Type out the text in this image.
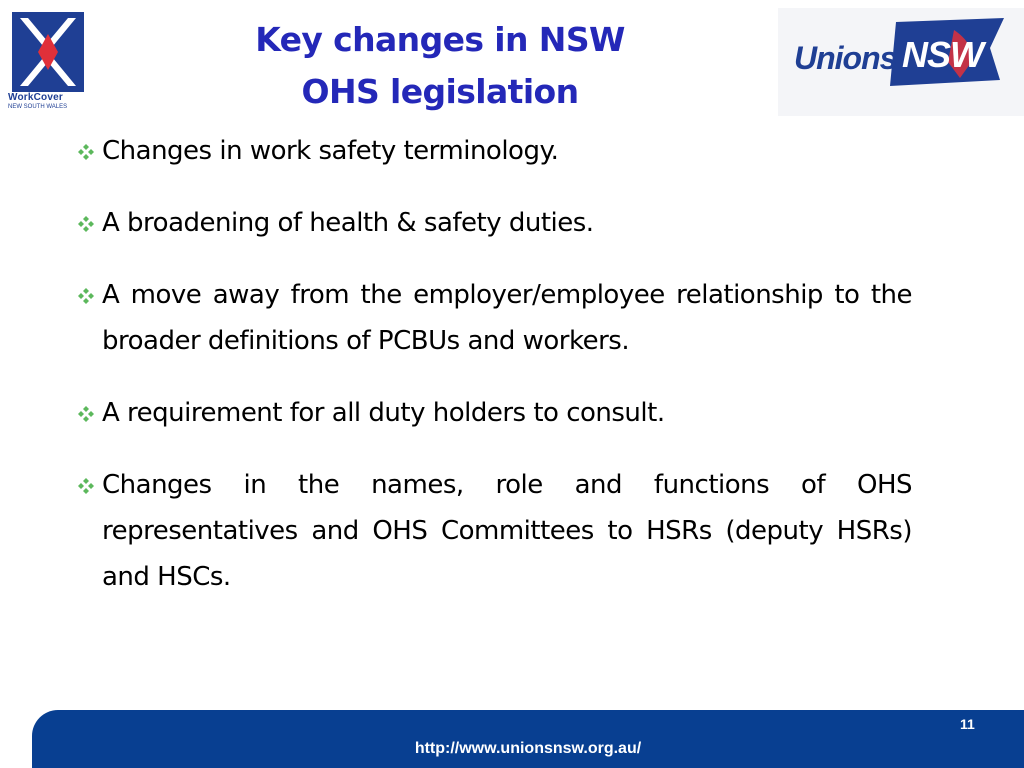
WorkCover
NEW SOUTH WALES
Key changes in NSW
OHS legislation
Unions NSW
Changes in work safety terminology.
A broadening of health & safety duties.
A move away from the employer/employee relationship to the broader definitions of PCBUs and workers.
A requirement for all duty holders to consult.
Changes in the names, role and functions of OHS representatives and OHS Committees to HSRs (deputy HSRs) and HSCs.
11
http://www.unionsnsw.org.au/
